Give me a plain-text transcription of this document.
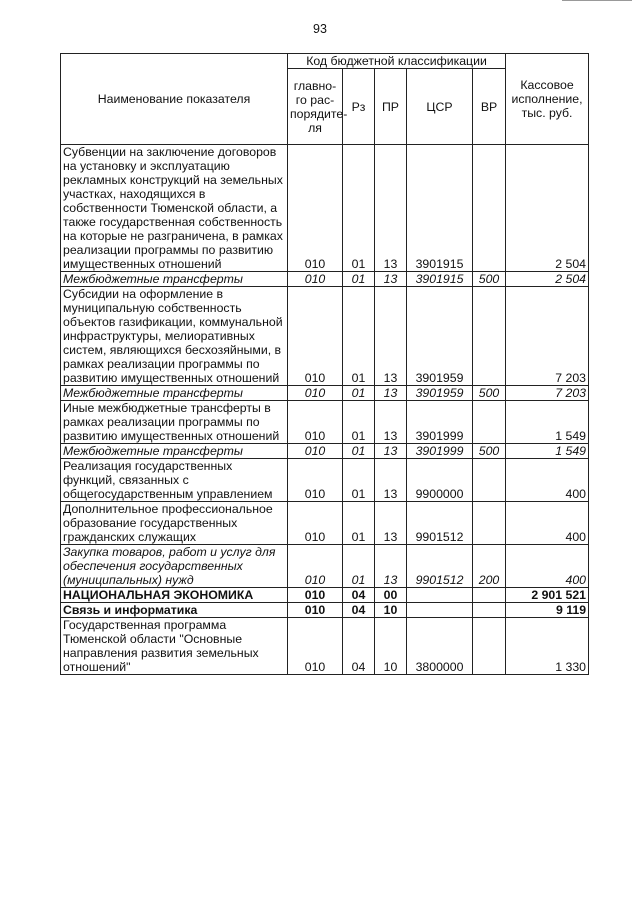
93
Наименование показателя	Код бюджетной классификации					Кассовое исполнение, тыс. руб.
	главно-го рас-порядите-ля	Рз	ПР	ЦСР	ВР	
Субвенции на заключение договоров на установку и эксплуатацию рекламных конструкций на земельных участках, находящихся в собственности Тюменской области, а также государственная собственность на которые не разграничена, в рамках реализации программы по развитию имущественных отношений	010	01	13	3901915		2 504
Межбюджетные трансферты	010	01	13	3901915	500	2 504
Субсидии на оформление в муниципальную собственность объектов газификации, коммунальной инфраструктуры, мелиоративных систем, являющихся бесхозяйными, в рамках реализации программы по развитию имущественных отношений	010	01	13	3901959		7 203
Межбюджетные трансферты	010	01	13	3901959	500	7 203
Иные межбюджетные трансферты в рамках реализации программы по развитию имущественных отношений	010	01	13	3901999		1 549
Межбюджетные трансферты	010	01	13	3901999	500	1 549
Реализация государственных функций, связанных с общегосударственным управлением	010	01	13	9900000		400
Дополнительное профессиональное образование государственных гражданских служащих	010	01	13	9901512		400
Закупка товаров, работ и услуг для обеспечения государственных (муниципальных) нужд	010	01	13	9901512	200	400
НАЦИОНАЛЬНАЯ ЭКОНОМИКА	010	04	00			2 901 521
Связь и информатика	010	04	10			9 119
Государственная программа Тюменской области "Основные направления развития земельных отношений"	010	04	10	3800000		1 330
